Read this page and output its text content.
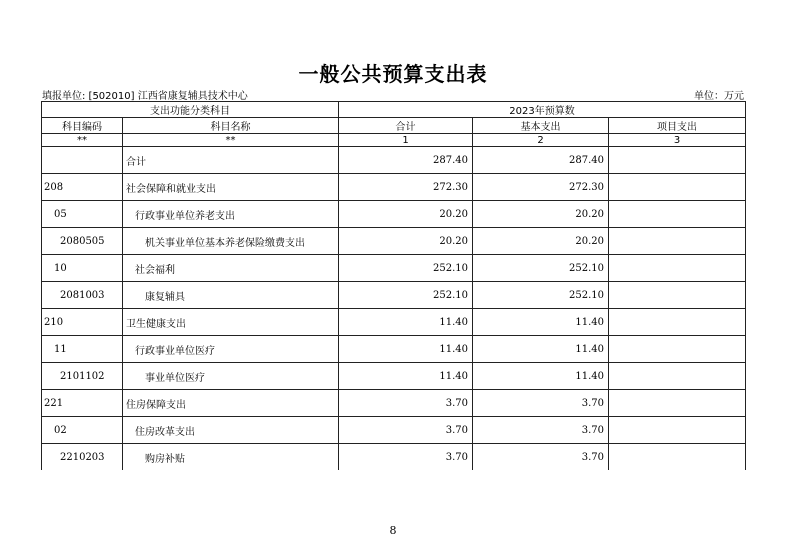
一般公共预算支出表
填报单位: [502010] 江西省康复辅具技术中心	单位：万元
支出功能分类科目		2023年预算数		
科目编码	科目名称	合计	基本支出	项目支出
**	**	1	2	3
	合计	287.40	287.40	
208	社会保障和就业支出	272.30	272.30	
05	行政事业单位养老支出	20.20	20.20	
2080505	机关事业单位基本养老保险缴费支出	20.20	20.20	
10	社会福利	252.10	252.10	
2081003	康复辅具	252.10	252.10	
210	卫生健康支出	11.40	11.40	
11	行政事业单位医疗	11.40	11.40	
2101102	事业单位医疗	11.40	11.40	
221	住房保障支出	3.70	3.70	
02	住房改革支出	3.70	3.70	
2210203	购房补贴	3.70	3.70	
8
